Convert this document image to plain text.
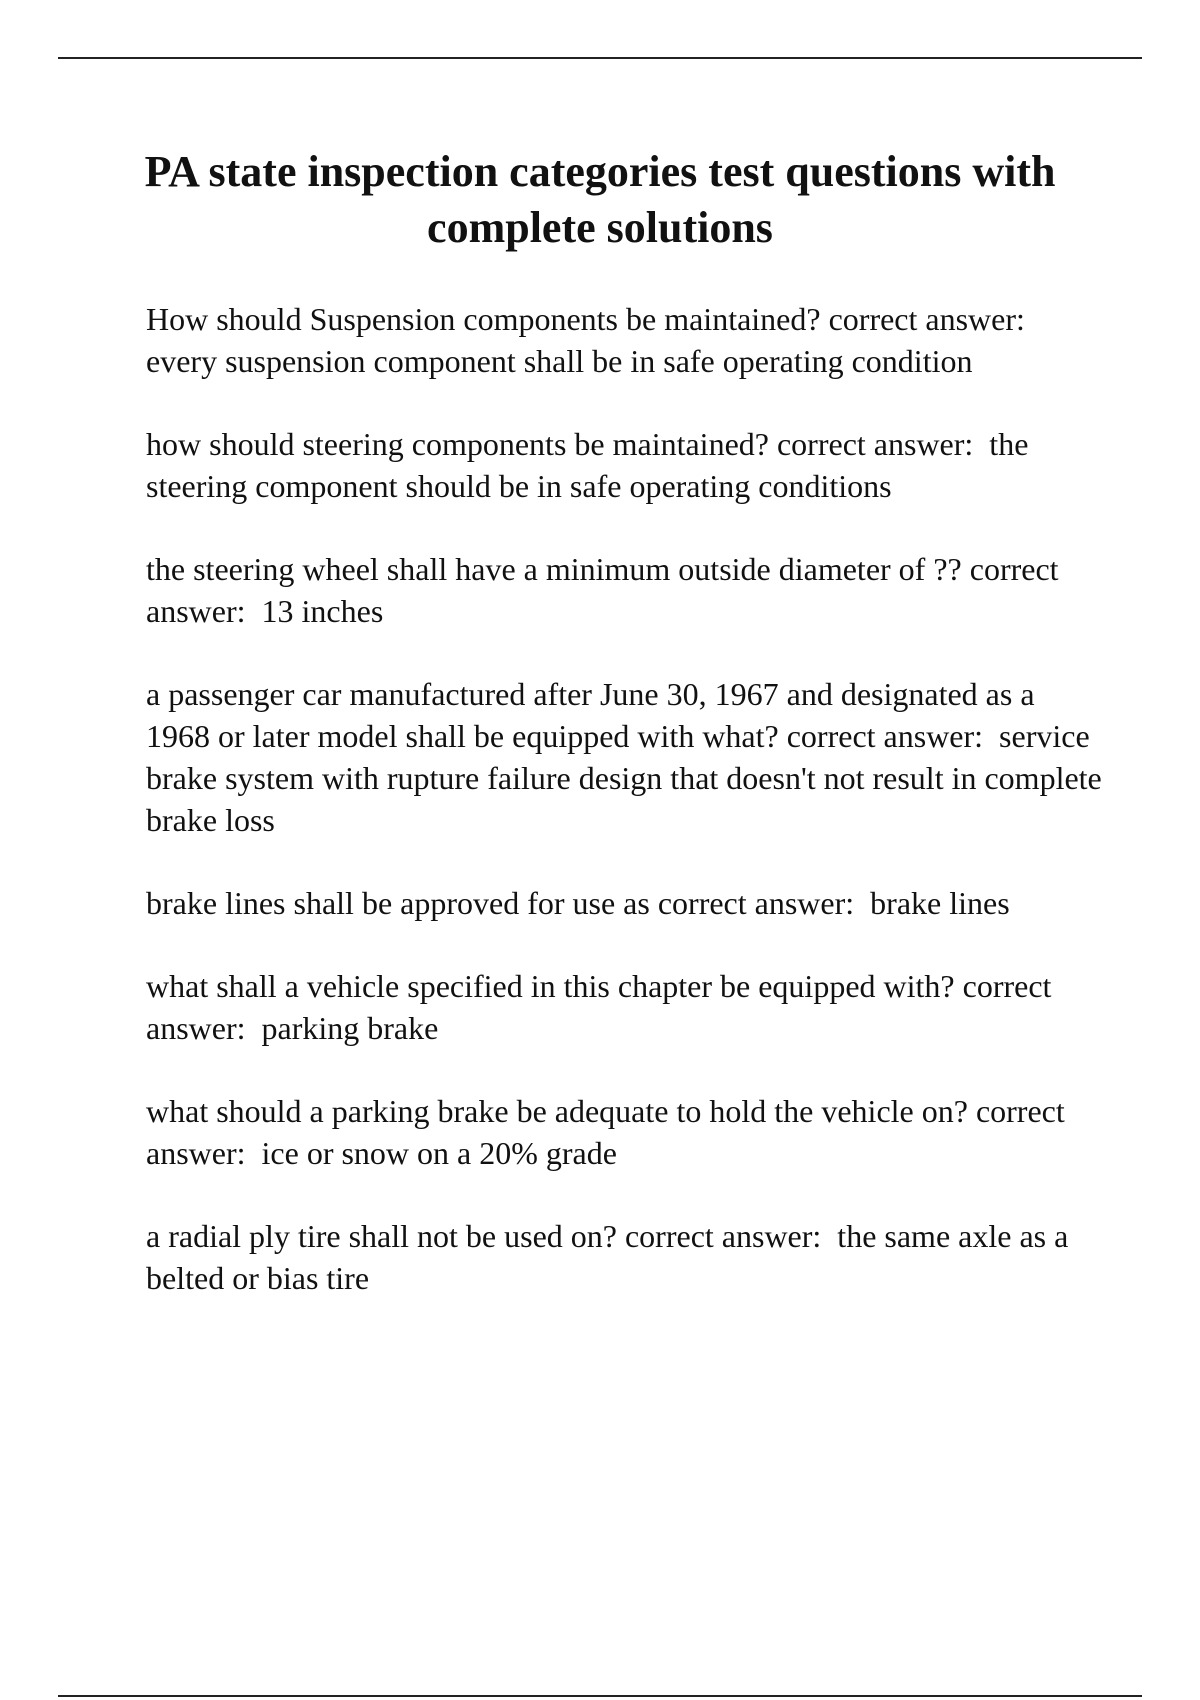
PA state inspection categories test questions with complete solutions
How should Suspension components be maintained? correct answer:  every suspension component shall be in safe operating condition
how should steering components be maintained? correct answer: the steering component should be in safe operating conditions
the steering wheel shall have a minimum outside diameter of ?? correct answer: 13 inches
a passenger car manufactured after June 30, 1967 and designated as a 1968 or later model shall be equipped with what? correct answer: service brake system with rupture failure design that doesn't not result in complete brake loss
brake lines shall be approved for use as correct answer: brake lines
what shall a vehicle specified in this chapter be equipped with? correct answer: parking brake
what should a parking brake be adequate to hold the vehicle on? correct answer: ice or snow on a 20% grade
a radial ply tire shall not be used on? correct answer: the same axle as a belted or bias tire
